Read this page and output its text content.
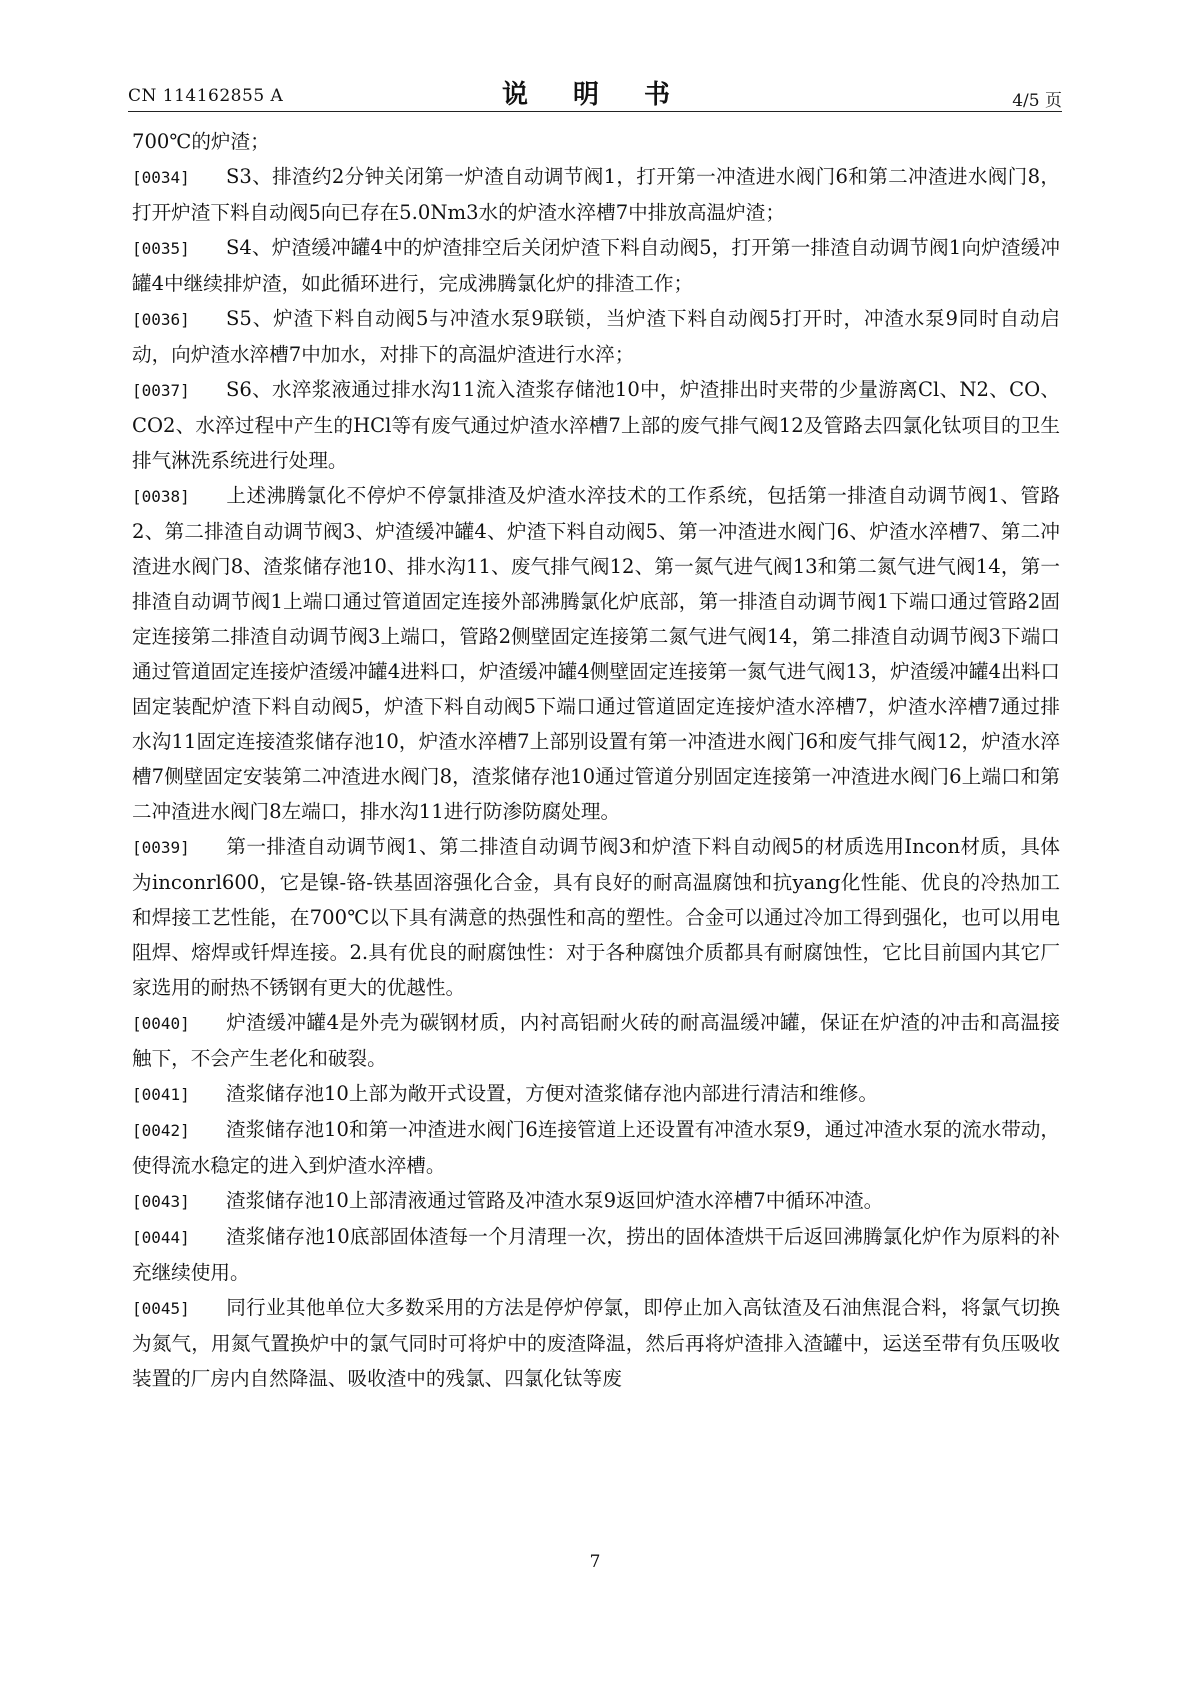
CN 114162855 A	说 明 书	4/5 页

700℃的炉渣；

[0034] S3、排渣约2分钟关闭第一炉渣自动调节阀1，打开第一冲渣进水阀门6和第二冲渣进水阀门8，打开炉渣下料自动阀5向已存在5.0Nm3水的炉渣水淬槽7中排放高温炉渣；

[0035] S4、炉渣缓冲罐4中的炉渣排空后关闭炉渣下料自动阀5，打开第一排渣自动调节阀1向炉渣缓冲罐4中继续排炉渣，如此循环进行，完成沸腾氯化炉的排渣工作；

[0036] S5、炉渣下料自动阀5与冲渣水泵9联锁，当炉渣下料自动阀5打开时，冲渣水泵9同时自动启动，向炉渣水淬槽7中加水，对排下的高温炉渣进行水淬；

[0037] S6、水淬浆液通过排水沟11流入渣浆存储池10中，炉渣排出时夹带的少量游离Cl、N2、CO、CO2、水淬过程中产生的HCl等有废气通过炉渣水淬槽7上部的废气排气阀12及管路去四氯化钛项目的卫生排气淋洗系统进行处理。

[0038] 上述沸腾氯化不停炉不停氯排渣及炉渣水淬技术的工作系统，包括第一排渣自动调节阀1、管路2、第二排渣自动调节阀3、炉渣缓冲罐4、炉渣下料自动阀5、第一冲渣进水阀门6、炉渣水淬槽7、第二冲渣进水阀门8、渣浆储存池10、排水沟11、废气排气阀12、第一氮气进气阀13和第二氮气进气阀14，第一排渣自动调节阀1上端口通过管道固定连接外部沸腾氯化炉底部，第一排渣自动调节阀1下端口通过管路2固定连接第二排渣自动调节阀3上端口，管路2侧壁固定连接第二氮气进气阀14，第二排渣自动调节阀3下端口通过管道固定连接炉渣缓冲罐4进料口，炉渣缓冲罐4侧壁固定连接第一氮气进气阀13，炉渣缓冲罐4出料口固定装配炉渣下料自动阀5，炉渣下料自动阀5下端口通过管道固定连接炉渣水淬槽7，炉渣水淬槽7通过排水沟11固定连接渣浆储存池10，炉渣水淬槽7上部别设置有第一冲渣进水阀门6和废气排气阀12，炉渣水淬槽7侧壁固定安装第二冲渣进水阀门8，渣浆储存池10通过管道分别固定连接第一冲渣进水阀门6上端口和第二冲渣进水阀门8左端口，排水沟11进行防渗防腐处理。

[0039] 第一排渣自动调节阀1、第二排渣自动调节阀3和炉渣下料自动阀5的材质选用Incon材质，具体为inconrl600，它是镍-铬-铁基固溶强化合金，具有良好的耐高温腐蚀和抗yang化性能、优良的冷热加工和焊接工艺性能，在700℃以下具有满意的热强性和高的塑性。合金可以通过冷加工得到强化，也可以用电阻焊、熔焊或钎焊连接。2.具有优良的耐腐蚀性：对于各种腐蚀介质都具有耐腐蚀性，它比目前国内其它厂家选用的耐热不锈钢有更大的优越性。

[0040] 炉渣缓冲罐4是外壳为碳钢材质，内衬高铝耐火砖的耐高温缓冲罐，保证在炉渣的冲击和高温接触下，不会产生老化和破裂。

[0041] 渣浆储存池10上部为敞开式设置，方便对渣浆储存池内部进行清洁和维修。

[0042] 渣浆储存池10和第一冲渣进水阀门6连接管道上还设置有冲渣水泵9，通过冲渣水泵的流水带动，使得流水稳定的进入到炉渣水淬槽。

[0043] 渣浆储存池10上部清液通过管路及冲渣水泵9返回炉渣水淬槽7中循环冲渣。

[0044] 渣浆储存池10底部固体渣每一个月清理一次，捞出的固体渣烘干后返回沸腾氯化炉作为原料的补充继续使用。

[0045] 同行业其他单位大多数采用的方法是停炉停氯，即停止加入高钛渣及石油焦混合料，将氯气切换为氮气，用氮气置换炉中的氯气同时可将炉中的废渣降温，然后再将炉渣排入渣罐中，运送至带有负压吸收装置的厂房内自然降温、吸收渣中的残氯、四氯化钛等废

7
